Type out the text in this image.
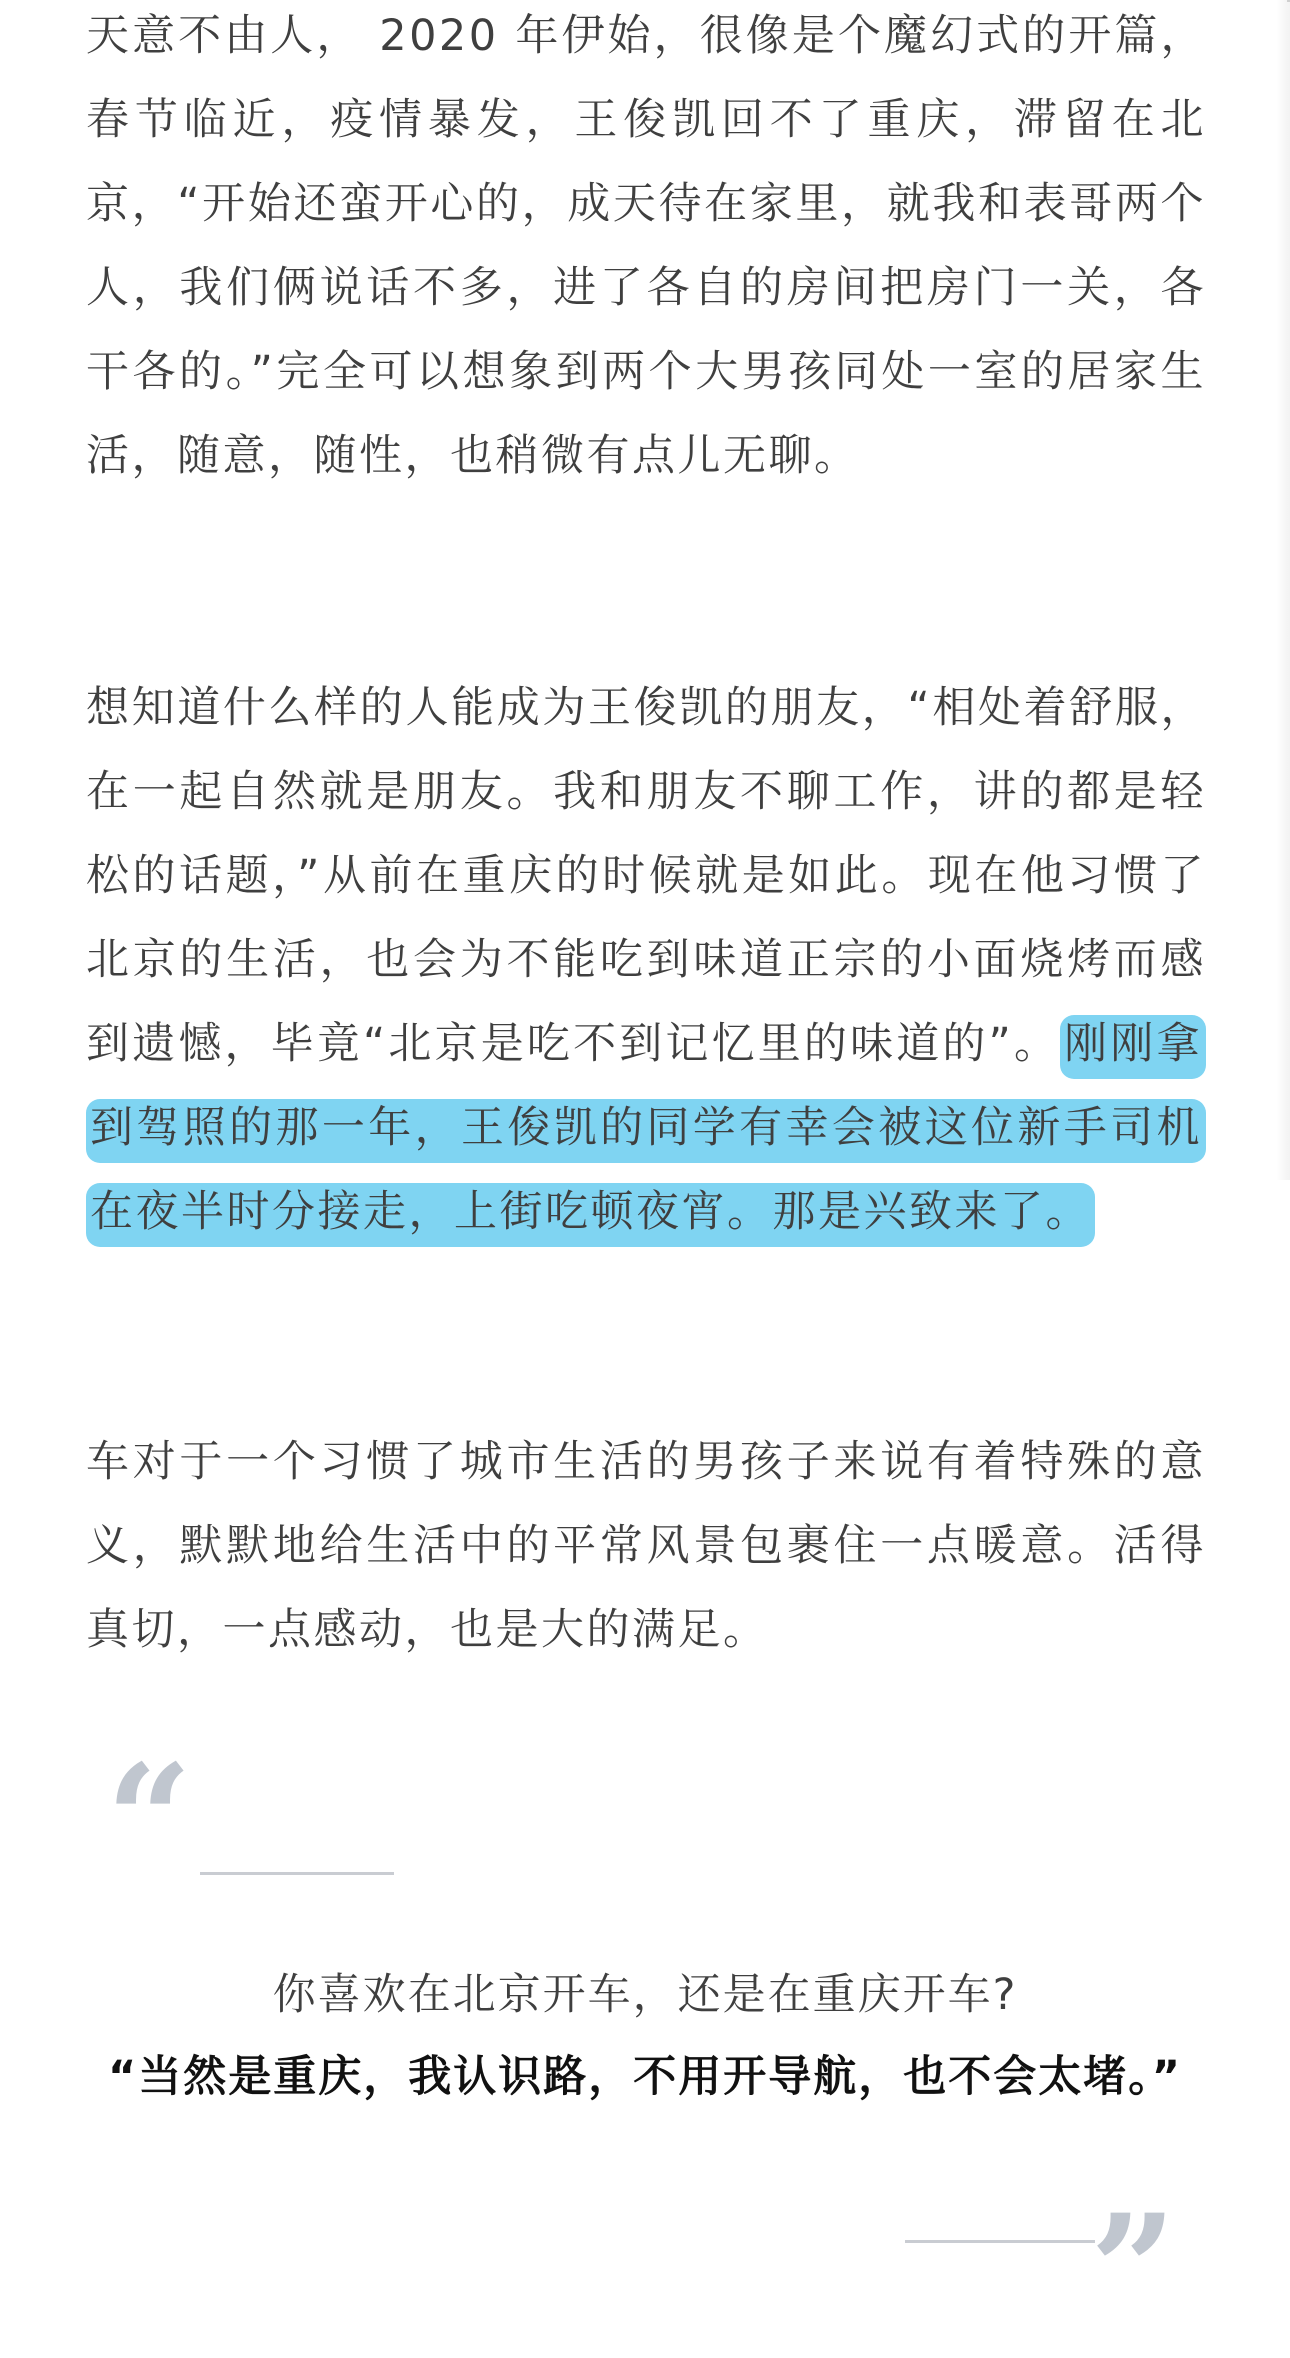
天意不由人， 2020 年伊始，很像是个魔幻式的开篇，春节临近，疫情暴发，王俊凯回不了重庆，滞留在北京，“开始还蛮开心的，成天待在家里，就我和表哥两个人，我们俩说话不多，进了各自的房间把房门一关，各干各的。”完全可以想象到两个大男孩同处一室的居家生活，随意，随性，也稍微有点儿无聊。

想知道什么样的人能成为王俊凯的朋友，“相处着舒服，在一起自然就是朋友。我和朋友不聊工作，讲的都是轻松的话题，”从前在重庆的时候就是如此。现在他习惯了北京的生活，也会为不能吃到味道正宗的小面烧烤而感到遗憾，毕竟“北京是吃不到记忆里的味道的”。刚刚拿到驾照的那一年，王俊凯的同学有幸会被这位新手司机在夜半时分接走，上街吃顿夜宵。那是兴致来了。

车对于一个习惯了城市生活的男孩子来说有着特殊的意义，默默地给生活中的平常风景包裹住一点暖意。活得真切，一点感动，也是大的满足。

“
你喜欢在北京开车，还是在重庆开车?
“当然是重庆，我认识路，不用开导航，也不会太堵。”
”
